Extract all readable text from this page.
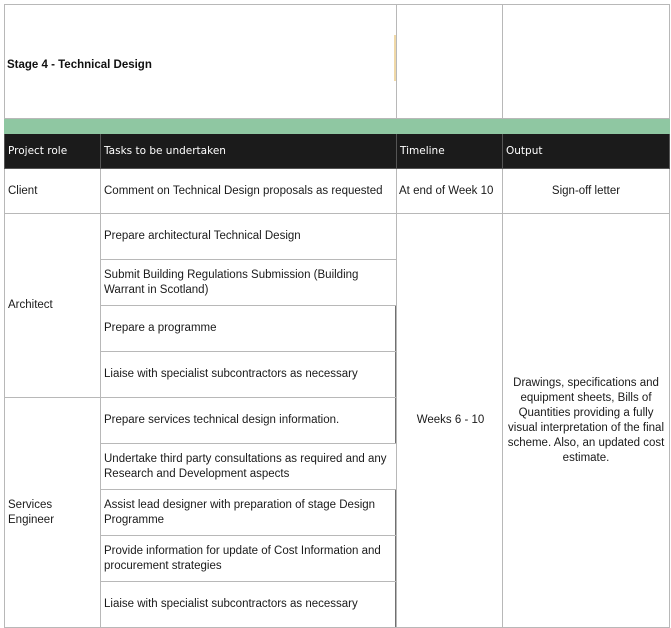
Stage 4 - Technical Design	

Project role	Tasks to be undertaken	Timeline	Output
Client	Comment on Technical Design proposals as requested	At end of Week 10	Sign-off letter
Architect	Prepare architectural Technical Design	Weeks 6 - 10	Drawings, specifications and equipment sheets, Bills of Quantities providing a fully visual interpretation of the final scheme. Also, an updated cost estimate.
	Submit Building Regulations Submission (Building Warrant in Scotland)		
	Prepare a programme		

	Liaise with specialist subcontractors as necessary		

Services Engineer	Prepare services technical design information.		

	Undertake third party consultations as required and any Research and Development aspects		
	Assist lead designer with preparation of stage Design Programme		

	Provide information for update of Cost Information and procurement strategies		

	Liaise with specialist subcontractors as necessary		
